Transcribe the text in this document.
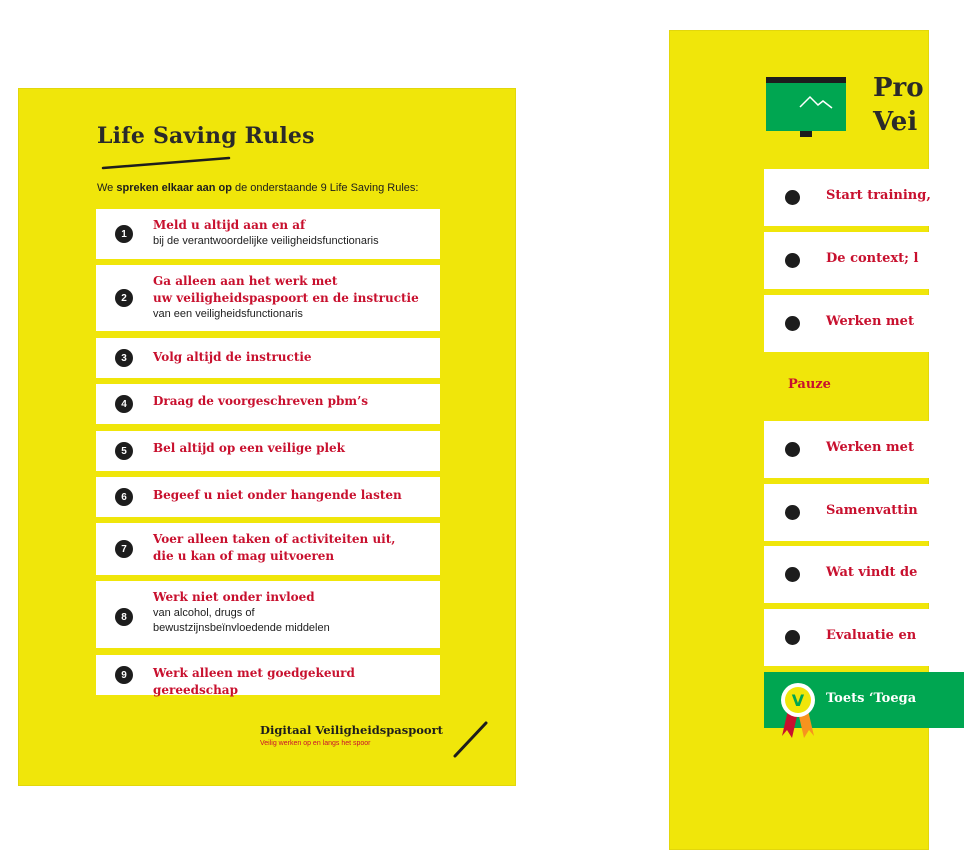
Life Saving Rules
We spreken elkaar aan op de onderstaande 9 Life Saving Rules:
1
Meld u altijd aan en af
bij de verantwoordelijke veiligheidsfunctionaris
2
Ga alleen aan het werk met
uw veiligheidspaspoort en de instructie
van een veiligheidsfunctionaris
3	Volg altijd de instructie
4	Draag de voorgeschreven pbm’s
5	Bel altijd op een veilige plek
6	Begeef u niet onder hangende lasten
7
Voer alleen taken of activiteiten uit,
die u kan of mag uitvoeren
8
Werk niet onder invloed
van alcohol, drugs of
bewustzijnsbeïnvloedende middelen
9	Werk alleen met goedgekeurd gereedschap
Digitaal Veiligheidspaspoort
Veilig werken op en langs het spoor
Pro
Vei
Start training,
De context; l
Werken met
Pauze
Werken met
Samenvattin
Wat vindt de
Evaluatie en
Toets ‘Toega
V
